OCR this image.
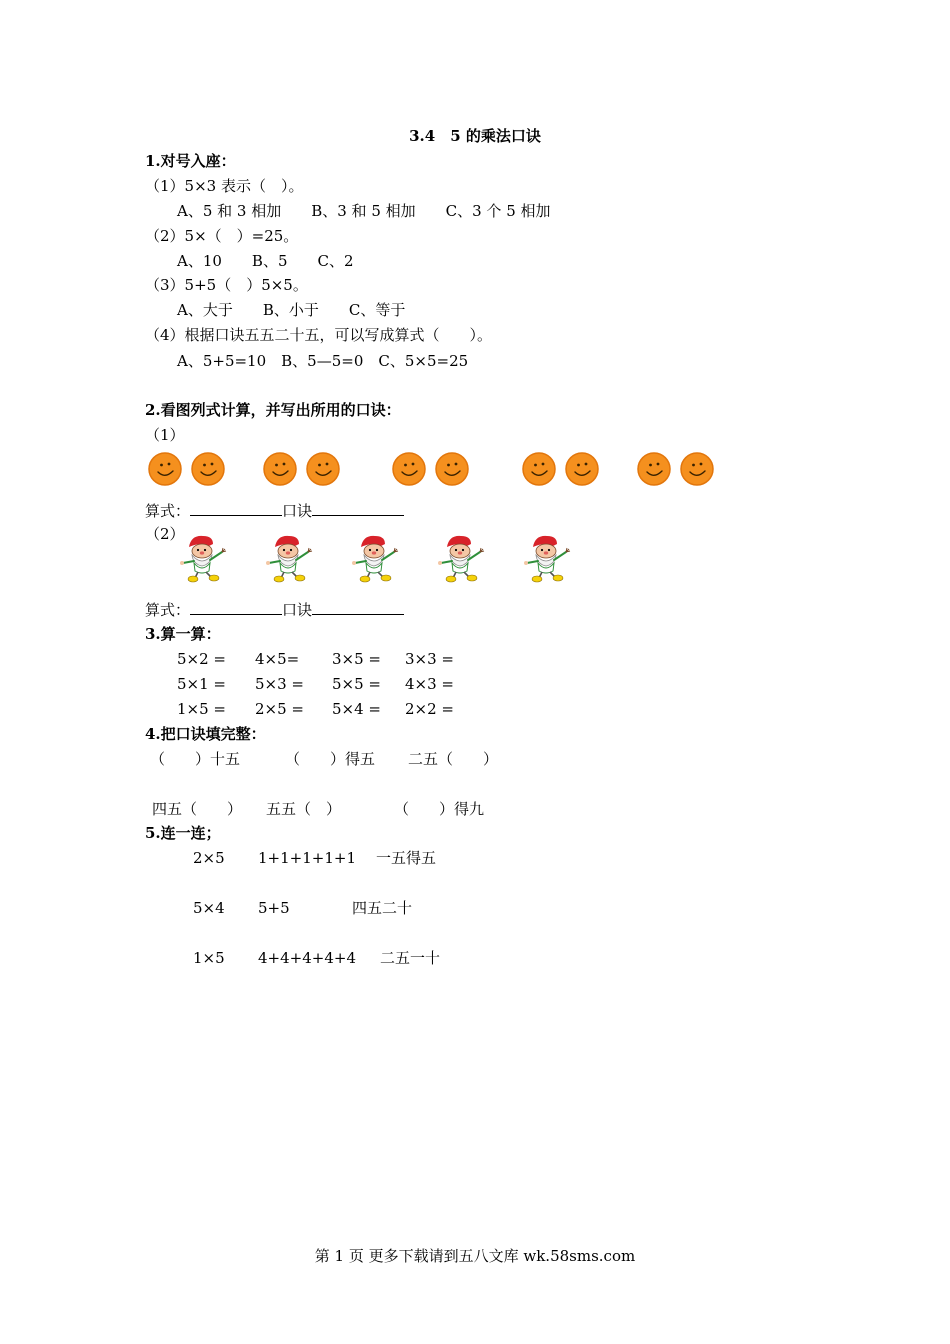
3.4　5 的乘法口诀
1.对号入座：
（1）5×3 表示（　）。
A、5 和 3 相加　　B、3 和 5 相加　　C、3 个 5 相加
（2）5×（　）=25。
A、10　　B、5　　C、2
（3）5+5（　）5×5。
A、大于　　B、小于　　C、等于
（4）根据口诀五五二十五，可以写成算式（　　）。
A、5+5=10　B、5—5=0　C、5×5=25
2.看图列式计算，并写出所用的口诀：
（1）
算式：	口诀
（2）
算式：	口诀
3.算一算：
5×2 = 4×5= 3×5 = 3×3 =
5×1 = 5×3 = 5×5 = 4×3 =
1×5 = 2×5 = 5×4 = 2×2 =
4.把口诀填完整：
（　　）十五	（　　）得五 二五（　　）
四五（　　） 五五（　）	（　　）得九
5.连一连；
2×5 1+1+1+1+1 一五得五
5×4 5+5	四五二十
1×5 4+4+4+4+4 二五一十
第 1 页 更多下载请到五八文库 wk.58sms.com
